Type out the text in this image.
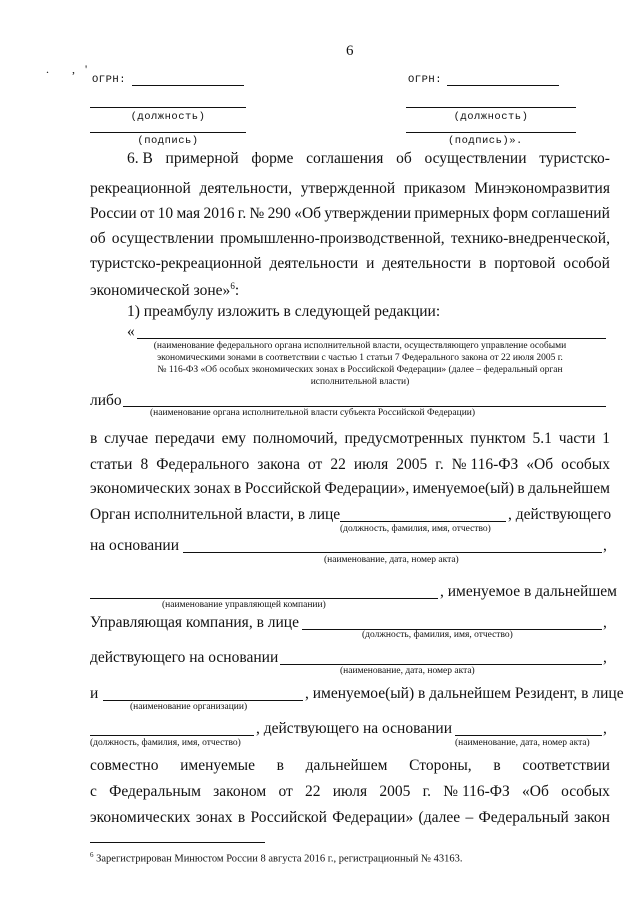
6
. ,'
ОГРН:	ОГРН:
(должность)	(должность)
(подпись)	(подпись)».
6. В примерной форме соглашения об осуществлении туристско-
рекреационной деятельности, утвержденной приказом Минэкономразвития
России от 10 мая 2016 г. № 290 «Об утверждении примерных форм соглашений
об осуществлении промышленно-производственной, технико-внедренческой,
туристско-рекреационной деятельности и деятельности в портовой особой
экономической зоне»$^6$:
1) преамбулу изложить в следующей редакции:
«
(наименование федерального органа исполнительной власти, осуществляющего управление особыми
экономическими зонами в соответствии с частью 1 статьи 7 Федерального закона от 22 июля 2005 г.
№ 116-ФЗ «Об особых экономических зонах в Российской Федерации» (далее – федеральный орган
исполнительной власти)
либо
(наименование органа исполнительной власти субъекта Российской Федерации)
в случае передачи ему полномочий, предусмотренных пунктом 5.1 части 1
статьи 8 Федерального закона от 22 июля 2005 г. № 116-ФЗ «Об особых
экономических зонах в Российской Федерации», именуемое(ый) в дальнейшем
Орган исполнительной власти, в лице	, действующего
(должность, фамилия, имя, отчество)
на основании	,
(наименование, дата, номер акта)
, именуемое в дальнейшем
(наименование управляющей компании)
Управляющая компания, в лице	,
(должность, фамилия, имя, отчество)
действующего на основании	,
(наименование, дата, номер акта)
и	, именуемое(ый) в дальнейшем Резидент, в лице
(наименование организации)
, действующего на основании	,
(должность, фамилия, имя, отчество)	(наименование, дата, номер акта)
совместно именуемые в дальнейшем Стороны, в соответствии
с Федеральным законом от 22 июля 2005 г. № 116-ФЗ «Об особых
экономических зонах в Российской Федерации» (далее – Федеральный закон
$^6$ Зарегистрирован Минюстом России 8 августа 2016 г., регистрационный № 43163.
